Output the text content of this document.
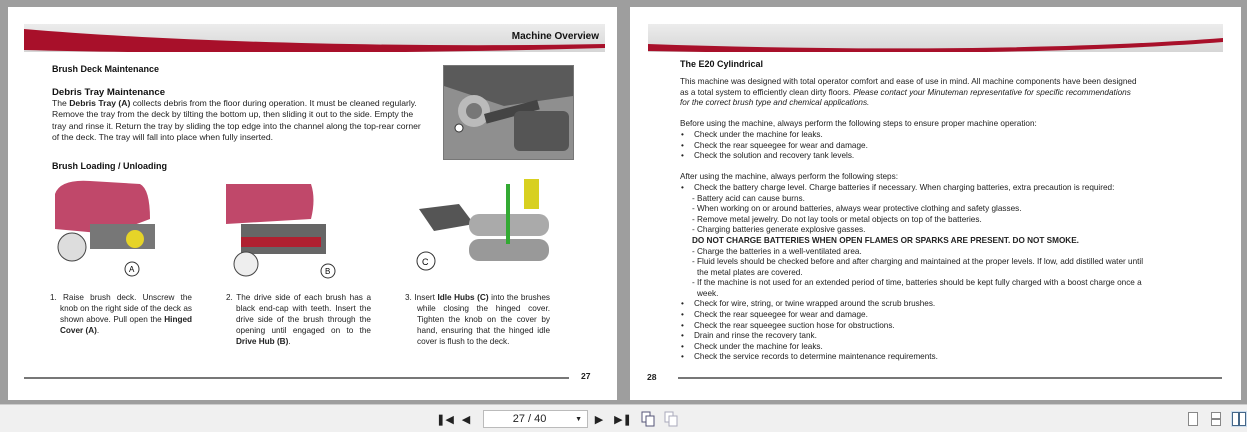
Machine Overview
Brush Deck Maintenance
Debris Tray Maintenance
The Debris Tray (A) collects debris from the floor during operation. It must be cleaned regularly. Remove the tray from the deck by tilting the bottom up, then sliding it out to the side. Empty the tray and rinse it. Return the tray by sliding the top edge into the channel along the top-rear corner of the deck. The tray will fall into place when fully inserted.
Brush Loading / Unloading
A	B
C
1. Raise brush deck. Unscrew the knob on the right side of the deck as shown above. Pull open the Hinged Cover (A).
2. The drive side of each brush has a black end-cap with teeth. Insert the drive side of the brush through the opening until engaged on to the Drive Hub (B).
3. Insert Idle Hubs (C) into the brushes while closing the hinged cover. Tighten the knob on the cover by hand, ensuring that the hinged idle cover is flush to the deck.
27
The E20 Cylindrical
This machine was designed with total operator comfort and ease of use in mind. All machine components have been designed
as a total system to efficiently clean dirty floors. Please contact your Minuteman representative for specific recommendations
for the correct brush type and chemical applications.

Before using the machine, always perform the following steps to ensure proper machine operation:
• Check under the machine for leaks.
• Check the rear squeegee for wear and damage.
• Check the solution and recovery tank levels.

After using the machine, always perform the following steps:
• Check the battery charge level. Charge batteries if necessary. When charging batteries, extra precaution is required:
- Battery acid can cause burns.
- When working on or around batteries, always wear protective clothing and safety glasses.
- Remove metal jewelry. Do not lay tools or metal objects on top of the batteries.
- Charging batteries generate explosive gasses.
DO NOT CHARGE BATTERIES WHEN OPEN FLAMES OR SPARKS ARE PRESENT. DO NOT SMOKE.
- Charge the batteries in a well-ventilated area.
- Fluid levels should be checked before and after charging and maintained at the proper levels. If low, add distilled water until
the metal plates are covered.
- If the machine is not used for an extended period of time, batteries should be kept fully charged with a boost charge once a
week.
• Check for wire, string, or twine wrapped around the scrub brushes.
• Check the rear squeegee for wear and damage.
• Check the rear squeegee suction hose for obstructions.
• Drain and rinse the recovery tank.
• Check under the machine for leaks.
• Check the service records to determine maintenance requirements.
28
❚◀ ◀	27 / 40	▼ ▶ ▶❚
